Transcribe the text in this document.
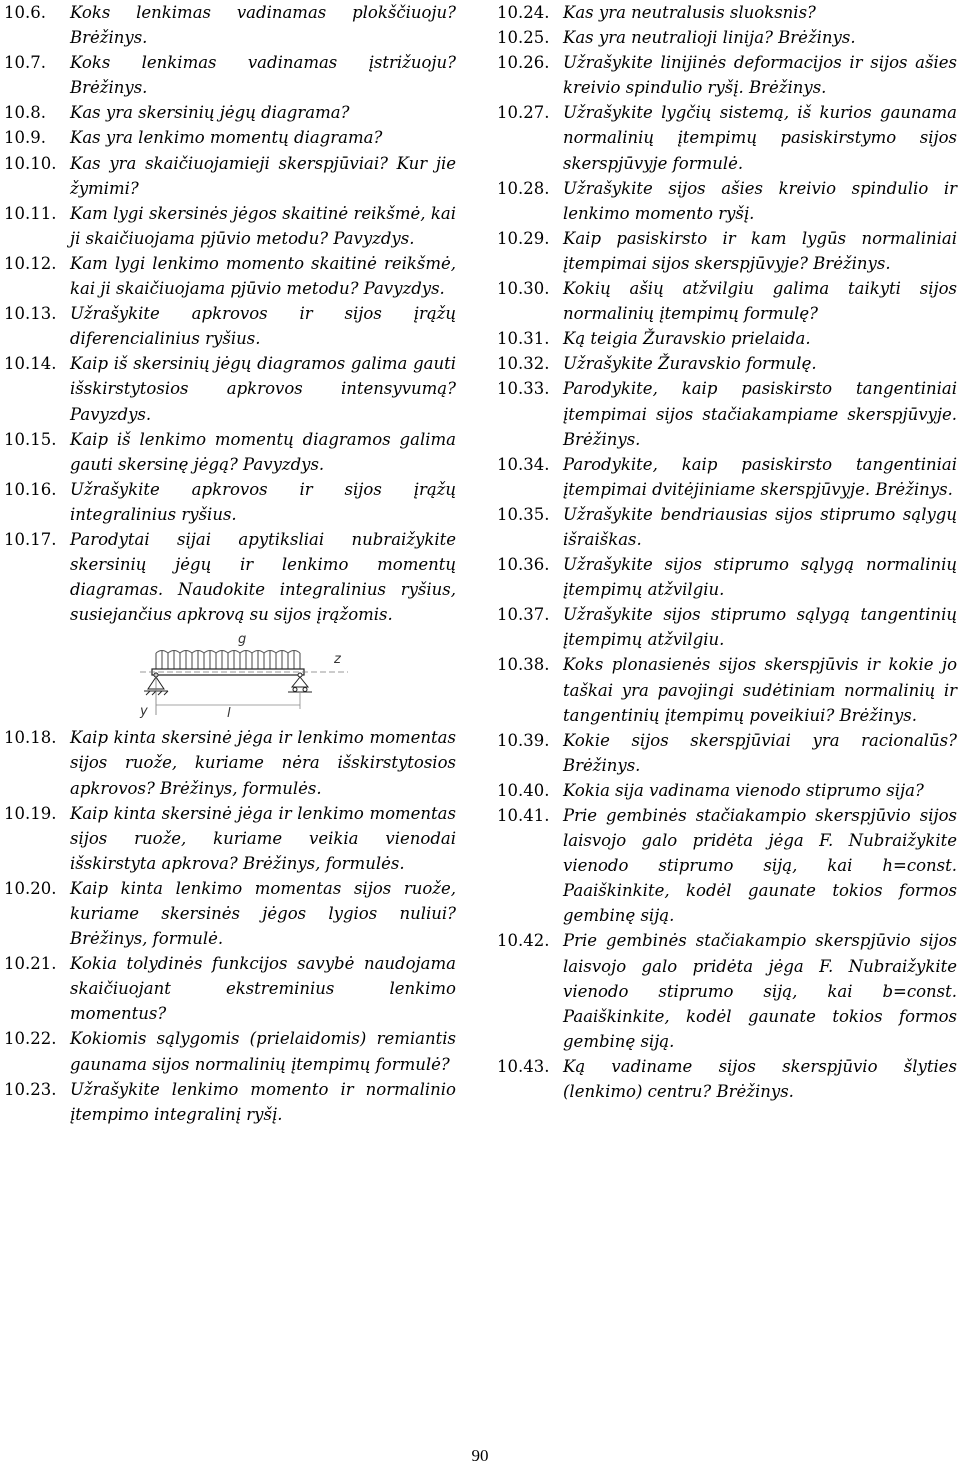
10.6.	Koks lenkimas vadinamas plokščiuoju? Brėžinys.
10.7.	Koks lenkimas vadinamas įstrižuoju? Brėžinys.
10.8.	Kas yra skersinių jėgų diagrama?
10.9.	Kas yra lenkimo momentų diagrama?
10.10. Kas yra skaičiuojamieji skerspjūviai? Kur jie žymimi?
10.11. Kam lygi skersinės jėgos skaitinė reikšmė, kai ji skaičiuojama pjūvio metodu? Pavyzdys.
10.12. Kam lygi lenkimo momento skaitinė reikšmė, kai ji skaičiuojama pjūvio metodu? Pavyzdys.
10.13. Užrašykite apkrovos ir sijos įrąžų diferencialinius ryšius.
10.14. Kaip iš skersinių jėgų diagramos galima gauti išskirstytosios apkrovos intensyvumą? Pavyzdys.
10.15. Kaip iš lenkimo momentų diagramos galima gauti skersinę jėgą? Pavyzdys.
10.16. Užrašykite apkrovos ir sijos įrąžų integralinius ryšius.
10.17. Parodytai sijai apytiksliai nubraižykite skersinių jėgų ir lenkimo momentų diagramas. Naudokite integralinius ryšius, susiejančius apkrovą su sijos įrąžomis.
g
z
y	l
10.18. Kaip kinta skersinė jėga ir lenkimo momentas sijos ruože, kuriame nėra išskirstytosios apkrovos? Brėžinys, formulės.
10.19. Kaip kinta skersinė jėga ir lenkimo momentas sijos ruože, kuriame veikia vienodai išskirstyta apkrova? Brėžinys, formulės.
10.20. Kaip kinta lenkimo momentas sijos ruože, kuriame skersinės jėgos lygios nuliui? Brėžinys, formulė.
10.21. Kokia tolydinės funkcijos savybė naudojama skaičiuojant ekstreminius lenkimo momentus?
10.22. Kokiomis sąlygomis (prielaidomis) remiantis gaunama sijos normalinių įtempimų formulė?
10.23. Užrašykite lenkimo momento ir normalinio įtempimo integralinį ryšį.
10.24. Kas yra neutralusis sluoksnis?
10.25. Kas yra neutralioji linija? Brėžinys.
10.26. Užrašykite linijinės deformacijos ir sijos ašies kreivio spindulio ryšį. Brėžinys.
10.27. Užrašykite lygčių sistemą, iš kurios gaunama normalinių įtempimų pasiskirstymo sijos skerspjūvyje formulė.
10.28. Užrašykite sijos ašies kreivio spindulio ir lenkimo momento ryšį.
10.29. Kaip pasiskirsto ir kam lygūs normaliniai įtempimai sijos skerspjūvyje? Brėžinys.
10.30. Kokių ašių atžvilgiu galima taikyti sijos normalinių įtempimų formulę?
10.31. Ką teigia Žuravskio prielaida.
10.32. Užrašykite Žuravskio formulę.
10.33. Parodykite, kaip pasiskirsto tangentiniai įtempimai sijos stačiakampiame skerspjūvyje. Brėžinys.
10.34. Parodykite, kaip pasiskirsto tangentiniai įtempimai dvitėjiniame skerspjūvyje. Brėžinys.
10.35. Užrašykite bendriausias sijos stiprumo sąlygų išraiškas.
10.36. Užrašykite sijos stiprumo sąlygą normalinių įtempimų atžvilgiu.
10.37. Užrašykite sijos stiprumo sąlygą tangentinių įtempimų atžvilgiu.
10.38. Koks plonasienės sijos skerspjūvis ir kokie jo taškai yra pavojingi sudėtiniam normalinių ir tangentinių įtempimų poveikiui? Brėžinys.
10.39. Kokie sijos skerspjūviai yra racionalūs? Brėžinys.
10.40. Kokia sija vadinama vienodo stiprumo sija?
10.41. Prie gembinės stačiakampio skerspjūvio sijos laisvojo galo pridėta jėga F. Nubraižykite vienodo stiprumo siją, kai h=const. Paaiškinkite, kodėl gaunate tokios formos gembinę siją.
10.42. Prie gembinės stačiakampio skerspjūvio sijos laisvojo galo pridėta jėga F. Nubraižykite vienodo stiprumo siją, kai b=const. Paaiškinkite, kodėl gaunate tokios formos gembinę siją.
10.43. Ką vadiname sijos skerspjūvio šlyties (lenkimo) centru? Brėžinys.
90
